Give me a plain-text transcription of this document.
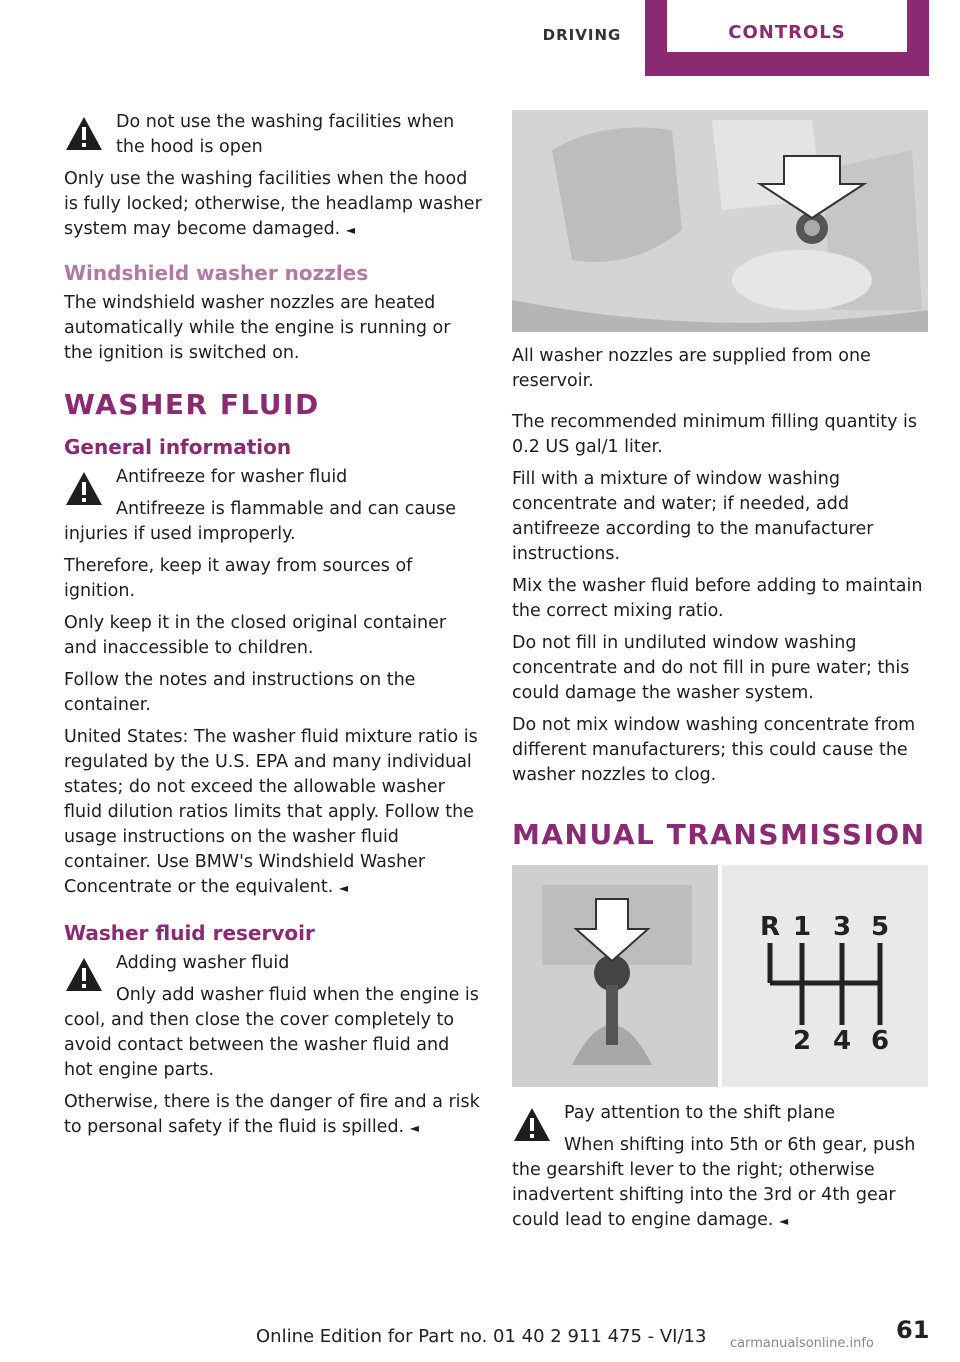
DRIVING	CONTROLS

Do not use the washing facilities when the hood is open

Only use the washing facilities when the hood is fully locked; otherwise, the headlamp washer system may become damaged. ◄

Windshield washer nozzles

The windshield washer nozzles are heated automatically while the engine is running or the ignition is switched on.

WASHER FLUID
General information

Antifreeze for washer fluid

Antifreeze is flammable and can cause injuries if used improperly.

Therefore, keep it away from sources of ignition.

Only keep it in the closed original container and inaccessible to children.

Follow the notes and instructions on the container.

United States: The washer fluid mixture ratio is regulated by the U.S. EPA and many individual states; do not exceed the allowable washer fluid dilution ratios limits that apply. Follow the usage instructions on the washer fluid container. Use BMW's Windshield Washer Concentrate or the equivalent. ◄

Washer fluid reservoir

Adding washer fluid

Only add washer fluid when the engine is cool, and then close the cover completely to avoid contact between the washer fluid and hot engine parts.

Otherwise, there is the danger of fire and a risk to personal safety if the fluid is spilled. ◄

All washer nozzles are supplied from one reservoir.

The recommended minimum filling quantity is 0.2 US gal/1 liter.

Fill with a mixture of window washing concentrate and water; if needed, add antifreeze according to the manufacturer instructions.

Mix the washer fluid before adding to maintain the correct mixing ratio.

Do not fill in undiluted window washing concentrate and do not fill in pure water; this could damage the washer system.

Do not mix window washing concentrate from different manufacturers; this could cause the washer nozzles to clog.

MANUAL TRANSMISSION
R 1 3 5
2 4 6

Pay attention to the shift plane

When shifting into 5th or 6th gear, push the gearshift lever to the right; otherwise inadvertent shifting into the 3rd or 4th gear could lead to engine damage. ◄

Online Edition for Part no. 01 40 2 911 475 - VI/13	61
carmanualsonline.info
